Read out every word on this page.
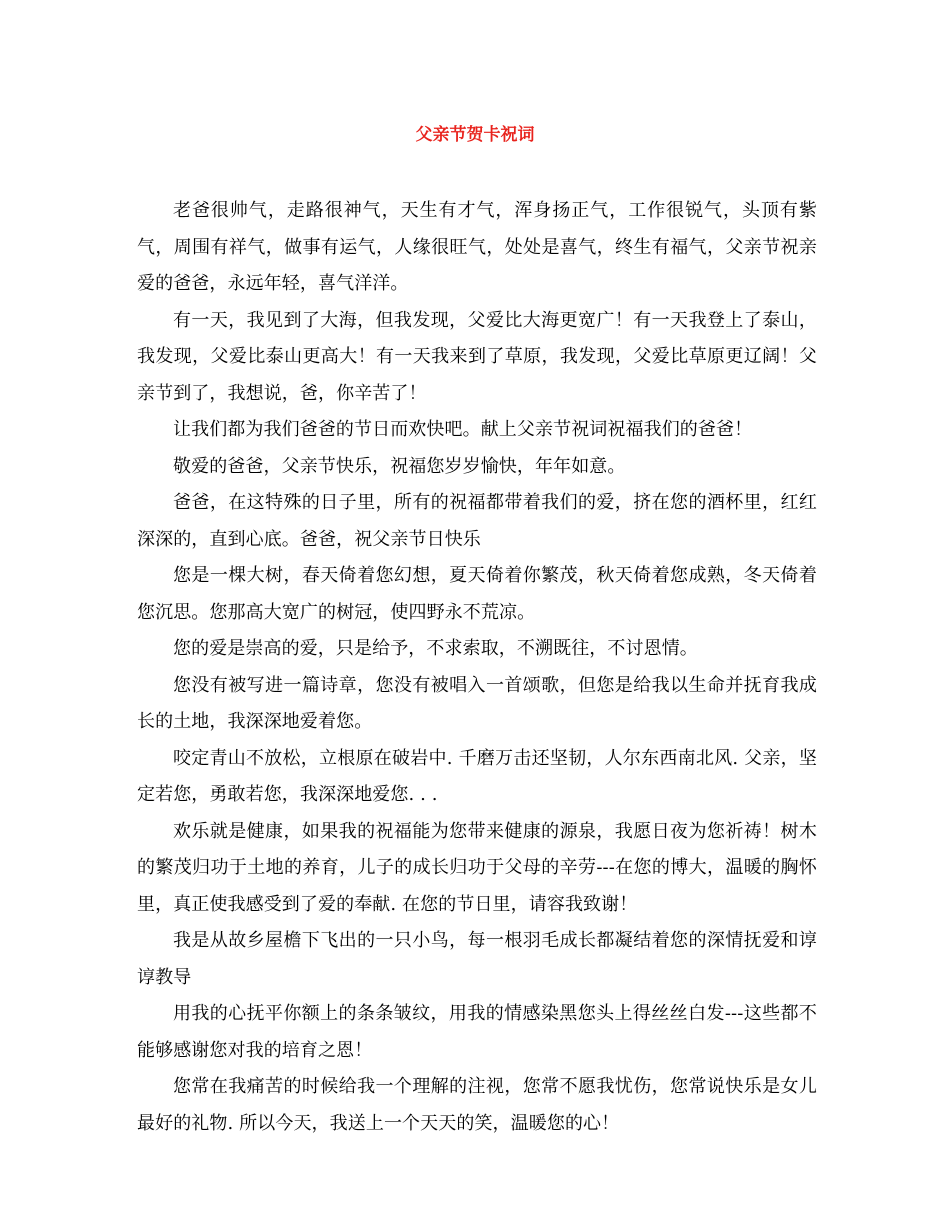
父亲节贺卡祝词

老爸很帅气，走路很神气，天生有才气，浑身扬正气，工作很锐气，头顶有紫气，周围有祥气，做事有运气，人缘很旺气，处处是喜气，终生有福气，父亲节祝亲爱的爸爸，永远年轻，喜气洋洋。

有一天，我见到了大海，但我发现，父爱比大海更宽广！有一天我登上了泰山，我发现，父爱比泰山更高大！有一天我来到了草原，我发现，父爱比草原更辽阔！父亲节到了，我想说，爸，你辛苦了！

让我们都为我们爸爸的节日而欢快吧。献上父亲节祝词祝福我们的爸爸！

敬爱的爸爸，父亲节快乐，祝福您岁岁愉快，年年如意。

爸爸，在这特殊的日子里，所有的祝福都带着我们的爱，挤在您的酒杯里，红红深深的，直到心底。爸爸，祝父亲节日快乐

您是一棵大树，春天倚着您幻想，夏天倚着你繁茂，秋天倚着您成熟，冬天倚着您沉思。您那高大宽广的树冠，使四野永不荒凉。

您的爱是崇高的爱，只是给予，不求索取，不溯既往，不讨恩情。

您没有被写进一篇诗章，您没有被唱入一首颂歌，但您是给我以生命并抚育我成长的土地，我深深地爱着您。

咬定青山不放松，立根原在破岩中. 千磨万击还坚韧，人尔东西南北风. 父亲，坚定若您，勇敢若您，我深深地爱您. . .

欢乐就是健康，如果我的祝福能为您带来健康的源泉，我愿日夜为您祈祷！树木的繁茂归功于土地的养育，儿子的成长归功于父母的辛劳---在您的博大，温暖的胸怀里，真正使我感受到了爱的奉献. 在您的节日里，请容我致谢！

我是从故乡屋檐下飞出的一只小鸟，每一根羽毛成长都凝结着您的深情抚爱和谆谆教导

用我的心抚平你额上的条条皱纹，用我的情感染黑您头上得丝丝白发---这些都不能够感谢您对我的培育之恩！

您常在我痛苦的时候给我一个理解的注视，您常不愿我忧伤，您常说快乐是女儿最好的礼物. 所以今天，我送上一个天天的笑，温暖您的心！
